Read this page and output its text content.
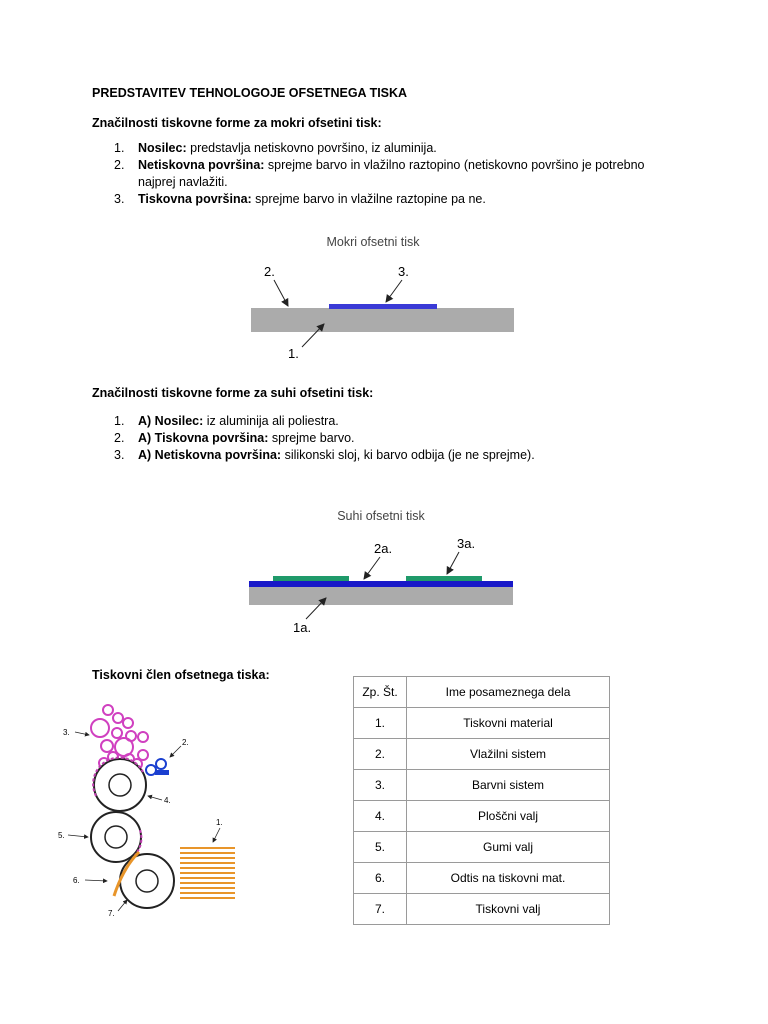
PREDSTAVITEV TEHNOLOGOJE OFSETNEGA TISKA
Značilnosti tiskovne forme za mokri ofsetini tisk:
1. Nosilec: predstavlja netiskovno površino, iz aluminija.
2. Netiskovna površina: sprejme barvo in vlažilno raztopino (netiskovno površino je potrebno najprej navlažiti.
3. Tiskovna površina: sprejme barvo in vlažilne raztopine pa ne.
Mokri ofsetni tisk
2.	3.
1.
Značilnosti tiskovne forme za suhi ofsetini tisk:
1. A) Nosilec: iz aluminija ali poliestra.
2. A) Tiskovna površina: sprejme barvo.
3. A) Netiskovna površina: silikonski sloj, ki barvo odbija (je ne sprejme).
Suhi ofsetni tisk
2a.	3a.
1a.
Tiskovni člen ofsetnega tiska:
3.
2.
4.
5.
1.
6.
7.
Zp. Št.	Ime posameznega dela
1.	Tiskovni material
2.	Vlažilni sistem
3.	Barvni sistem
4.	Ploščni valj
5.	Gumi valj
6.	Odtis na tiskovni mat.
7.	Tiskovni valj
